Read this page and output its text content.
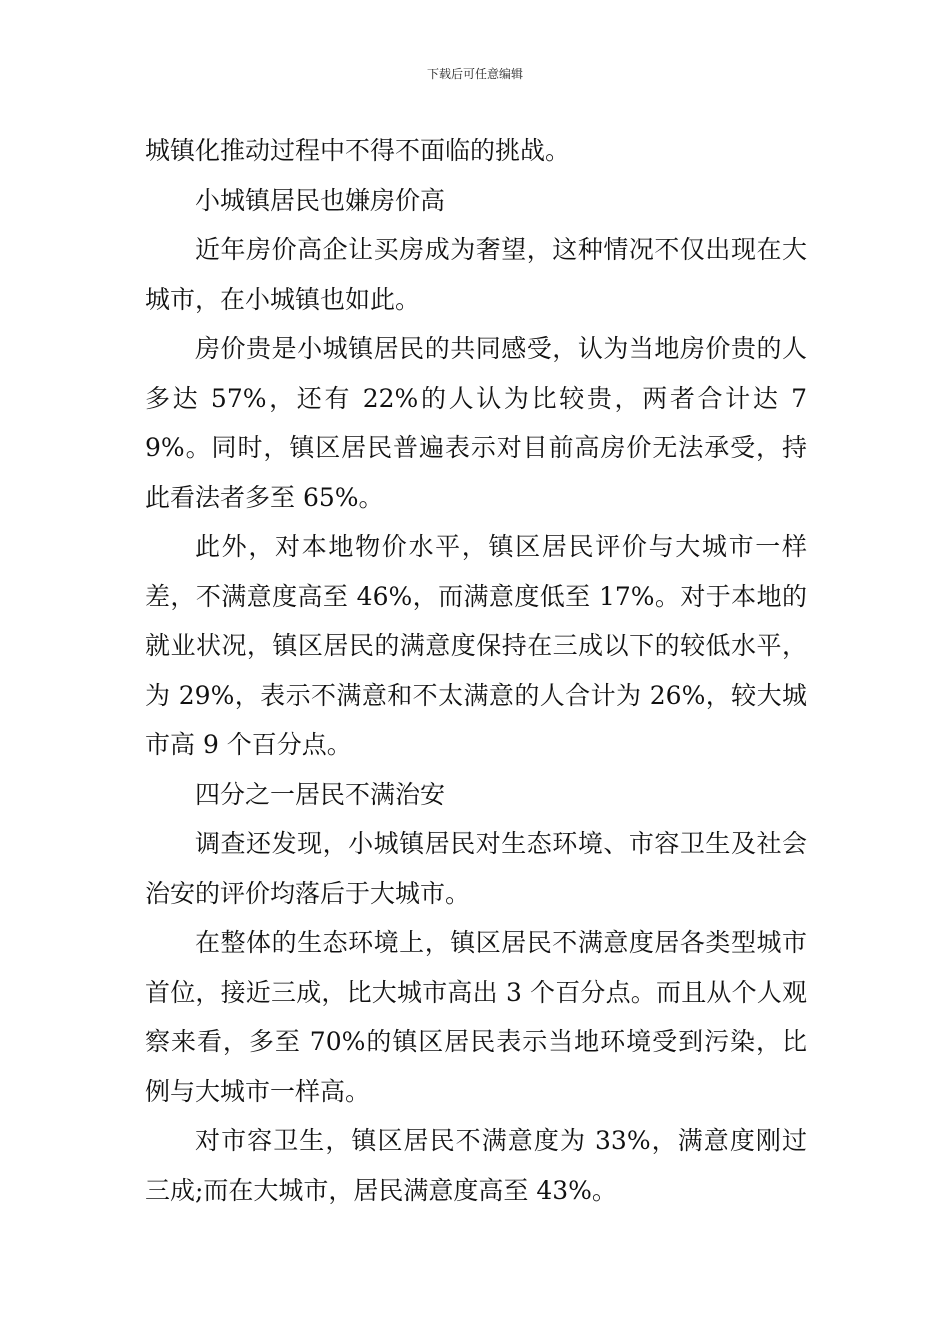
下载后可任意编辑

城镇化推动过程中不得不面临的挑战。

小城镇居民也嫌房价高

近年房价高企让买房成为奢望，这种情况不仅出现在大城市，在小城镇也如此。

房价贵是小城镇居民的共同感受，认为当地房价贵的人多达 57%，还有 22%的人认为比较贵，两者合计达 79%。同时，镇区居民普遍表示对目前高房价无法承受，持此看法者多至 65%。

此外，对本地物价水平，镇区居民评价与大城市一样差，不满意度高至 46%，而满意度低至 17%。对于本地的就业状况，镇区居民的满意度保持在三成以下的较低水平，为 29%，表示不满意和不太满意的人合计为 26%，较大城市高 9 个百分点。

四分之一居民不满治安

调查还发现，小城镇居民对生态环境、市容卫生及社会治安的评价均落后于大城市。

在整体的生态环境上，镇区居民不满意度居各类型城市首位，接近三成，比大城市高出 3 个百分点。而且从个人观察来看，多至 70%的镇区居民表示当地环境受到污染，比例与大城市一样高。

对市容卫生，镇区居民不满意度为 33%，满意度刚过三成;而在大城市，居民满意度高至 43%。
